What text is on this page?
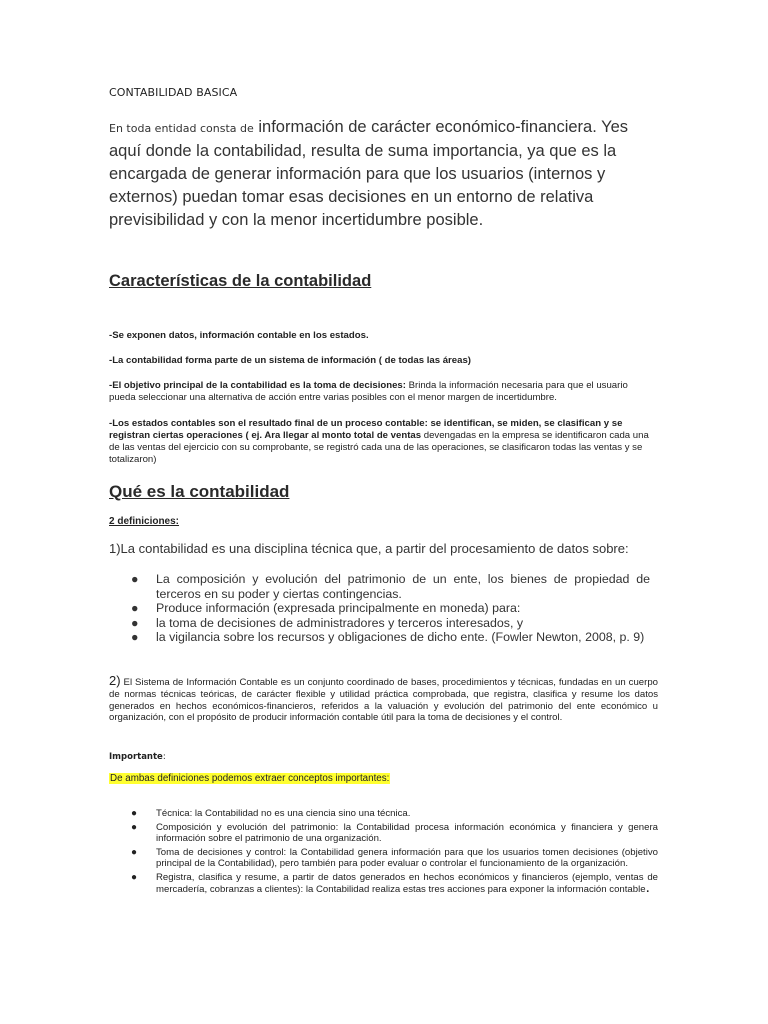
CONTABILIDAD BASICA
En toda entidad consta de información de carácter económico-financiera. Yes aquí donde la contabilidad, resulta de suma importancia, ya que es la encargada de generar información para que los usuarios (internos y externos) puedan tomar esas decisiones en un entorno de relativa previsibilidad y con la menor incertidumbre posible.
Características de la contabilidad
-Se exponen datos, información contable en los estados.
-La contabilidad forma parte de un sistema de información ( de todas las áreas)
-El objetivo principal de la contabilidad es la toma de decisiones: Brinda la información necesaria para que el usuario pueda seleccionar una alternativa de acción entre varias posibles con el menor margen de incertidumbre.
-Los estados contables son el resultado final de un proceso contable: se identifican, se miden, se clasifican y se registran ciertas operaciones ( ej. Ara llegar al monto total de ventas devengadas en la empresa se identificaron cada una de las ventas del ejercicio con su comprobante, se registró cada una de las operaciones, se clasificaron todas las ventas y se totalizaron)
Qué es la contabilidad
2 definiciones:
1)La contabilidad es una disciplina técnica que, a partir del procesamiento de datos sobre:
● La composición y evolución del patrimonio de un ente, los bienes de propiedad de terceros en su poder y ciertas contingencias.
● Produce información (expresada principalmente en moneda) para:
● la toma de decisiones de administradores y terceros interesados, y
● la vigilancia sobre los recursos y obligaciones de dicho ente. (Fowler Newton, 2008, p. 9)
2) El Sistema de Información Contable es un conjunto coordinado de bases, procedimientos y técnicas, fundadas en un cuerpo de normas técnicas teóricas, de carácter flexible y utilidad práctica comprobada, que registra, clasifica y resume los datos generados en hechos económicos-financieros, referidos a la valuación y evolución del patrimonio del ente económico u organización, con el propósito de producir información contable útil para la toma de decisiones y el control.
Importante:
De ambas definiciones podemos extraer conceptos importantes:
● Técnica: la Contabilidad no es una ciencia sino una técnica.
● Composición y evolución del patrimonio: la Contabilidad procesa información económica y financiera y genera información sobre el patrimonio de una organización.
● Toma de decisiones y control: la Contabilidad genera información para que los usuarios tomen decisiones (objetivo principal de la Contabilidad), pero también para poder evaluar o controlar el funcionamiento de la organización.
● Registra, clasifica y resume, a partir de datos generados en hechos económicos y financieros (ejemplo, ventas de mercadería, cobranzas a clientes): la Contabilidad realiza estas tres acciones para exponer la información contable.
